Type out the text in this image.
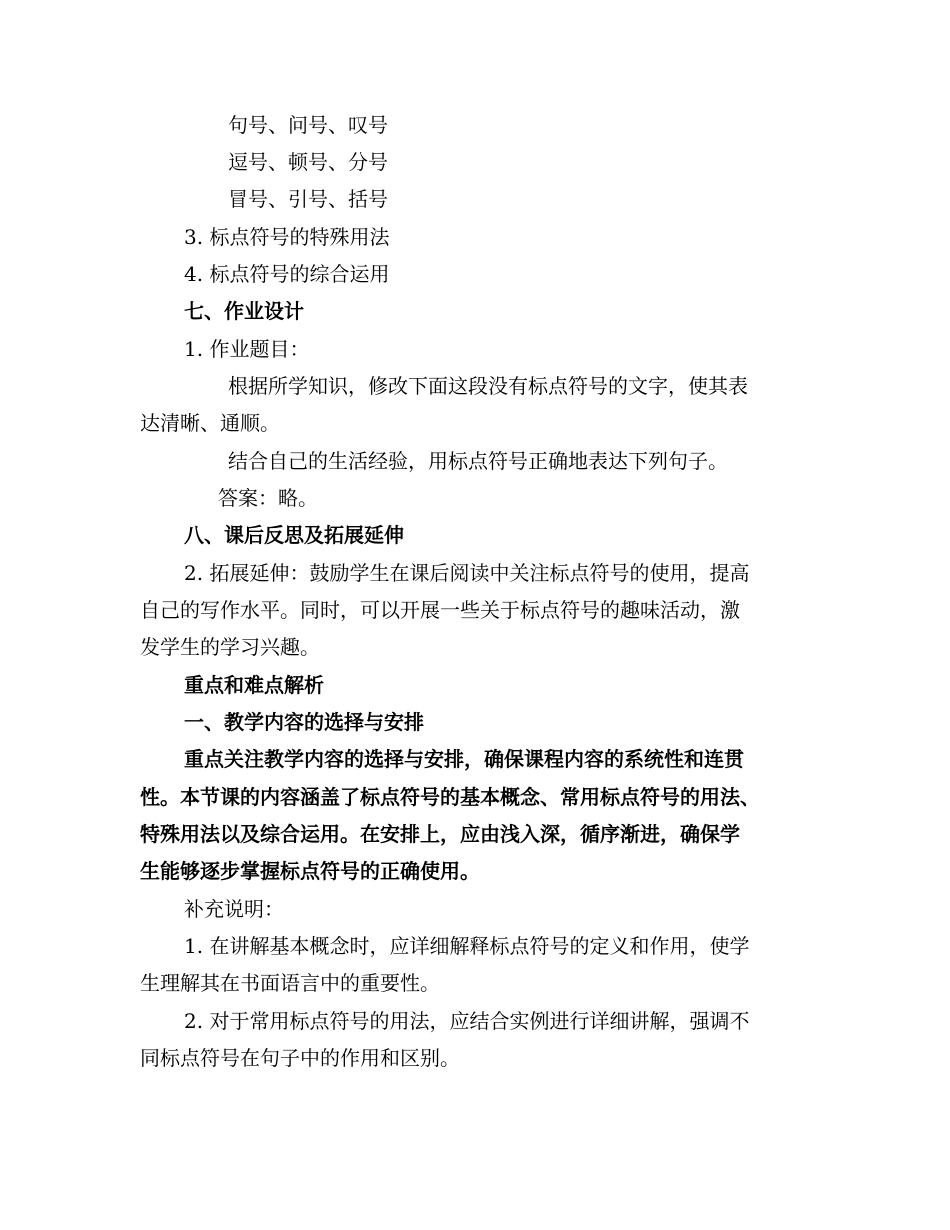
句号、问号、叹号
逗号、顿号、分号
冒号、引号、括号
3. 标点符号的特殊用法
4. 标点符号的综合运用
七、作业设计
1. 作业题目：
根据所学知识，修改下面这段没有标点符号的文字，使其表
达清晰、通顺。
结合自己的生活经验，用标点符号正确地表达下列句子。
答案：略。
八、课后反思及拓展延伸
2. 拓展延伸：鼓励学生在课后阅读中关注标点符号的使用，提高
自己的写作水平。同时，可以开展一些关于标点符号的趣味活动，激
发学生的学习兴趣。
重点和难点解析
一、教学内容的选择与安排
重点关注教学内容的选择与安排，确保课程内容的系统性和连贯
性。本节课的内容涵盖了标点符号的基本概念、常用标点符号的用法、
特殊用法以及综合运用。在安排上，应由浅入深，循序渐进，确保学
生能够逐步掌握标点符号的正确使用。
补充说明：
1. 在讲解基本概念时，应详细解释标点符号的定义和作用，使学
生理解其在书面语言中的重要性。
2. 对于常用标点符号的用法，应结合实例进行详细讲解，强调不
同标点符号在句子中的作用和区别。
